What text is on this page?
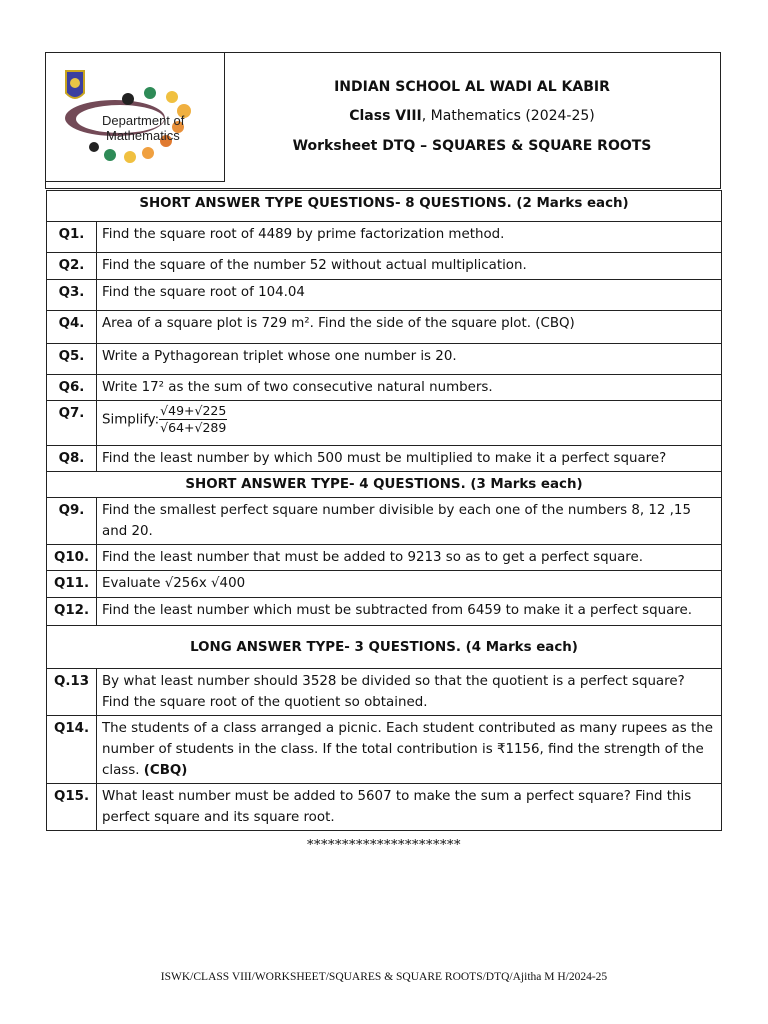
Department of
Mathematics
INDIAN SCHOOL AL WADI AL KABIR
Class VIII, Mathematics (2024-25)
Worksheet DTQ – SQUARES & SQUARE ROOTS
SHORT ANSWER TYPE QUESTIONS- 8 QUESTIONS. (2 Marks each)	
Q1.	Find the square root of 4489 by prime factorization method.
Q2.	Find the square of the number 52 without actual multiplication.
Q3.	Find the square root of 104.04
Q4.	Area of a square plot is 729 m². Find the side of the square plot. (CBQ)
Q5.	Write a Pythagorean triplet whose one number is 20.
Q6.	Write 17² as the sum of two consecutive natural numbers.
Q7.	Simplify: $\frac{√49+√225}{√64+√289}$

Q8.	Find the least number by which 500 must be multiplied to make it a perfect square?
SHORT ANSWER TYPE- 4 QUESTIONS. (3 Marks each)	
Q9.	Find the smallest perfect square number divisible by each one of the numbers 8, 12 ,15 and 20.
Q10.	Find the least number that must be added to 9213 so as to get a perfect square.
Q11.	Evaluate √256x √400
Q12.	Find the least number which must be subtracted from 6459 to make it a perfect square.
LONG ANSWER TYPE- 3 QUESTIONS. (4 Marks each)	
Q.13	By what least number should 3528 be divided so that the quotient is a perfect square? Find the square root of the quotient so obtained.
Q14.	The students of a class arranged a picnic. Each student contributed as many rupees as the number of students in the class. If the total contribution is ₹1156, find the strength of the class. (CBQ)
Q15.	What least number must be added to 5607 to make the sum a perfect square? Find this perfect square and its square root.
**********************
ISWK/CLASS VIII/WORKSHEET/SQUARES & SQUARE ROOTS/DTQ/Ajitha M H/2024-25
